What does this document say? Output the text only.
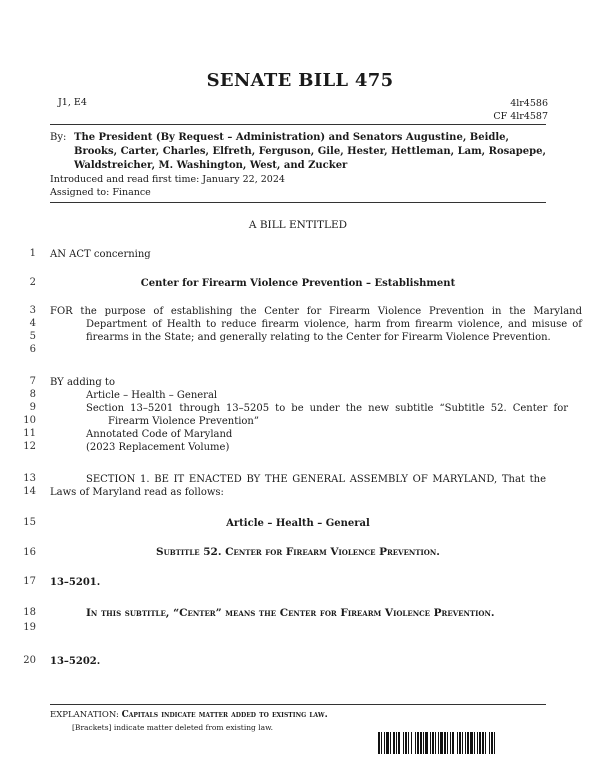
SENATE BILL 475
J1, E4	4lr4586
CF 4lr4587
By: The President (By Request – Administration) and Senators Augustine, Beidle, Brooks, Carter, Charles, Elfreth, Ferguson, Gile, Hester, Hettleman, Lam, Rosapepe, Waldstreicher, M. Washington, West, and Zucker
Introduced and read first time: January 22, 2024
Assigned to: Finance
A BILL ENTITLED
1 AN ACT concerning
2	Center for Firearm Violence Prevention – Establishment
3
4
5
6
FOR the purpose of establishing the Center for Firearm Violence Prevention in the Maryland Department of Health to reduce firearm violence, harm from firearm violence, and misuse of firearms in the State; and generally relating to the Center for Firearm Violence Prevention.
7 BY adding to
8	Article – Health – General
9
10
Section 13–5201 through 13–5205 to be under the new subtitle “Subtitle 52. Center for Firearm Violence Prevention”
11	Annotated Code of Maryland
12	(2023 Replacement Volume)
13
14
SECTION 1. BE IT ENACTED BY THE GENERAL ASSEMBLY OF MARYLAND, That the Laws of Maryland read as follows:
15	Article – Health – General
16	Subtitle 52. Center for Firearm Violence Prevention.
17 13–5201.
18
19
In this subtitle, “Center” means the Center for Firearm Violence Prevention.
20 13–5202.
EXPLANATION: Capitals indicate matter added to existing law.
[Brackets] indicate matter deleted from existing law.
